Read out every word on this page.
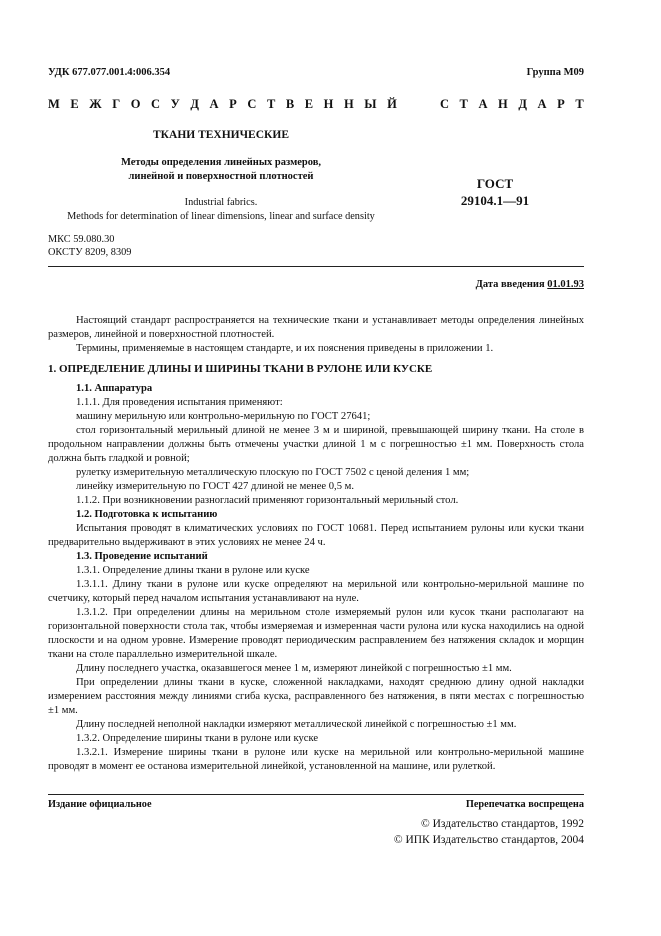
УДК 677.077.001.4:006.354	Группа М09
М Е Ж Г О С У Д А Р С Т В Е Н Н Ы Й	С Т А Н Д А Р Т
ТКАНИ ТЕХНИЧЕСКИЕ
Методы определения линейных размеров,
линейной и поверхностной плотностей
Industrial fabrics.
Methods for determination of linear dimensions, linear and surface density
ГОСТ
29104.1—91
МКС 59.080.30
ОКСТУ 8209, 8309
Дата введения 01.01.93

Настоящий стандарт распространяется на технические ткани и устанавливает методы определения линейных размеров, линейной и поверхностной плотностей.

Термины, применяемые в настоящем стандарте, и их пояснения приведены в приложении 1.

1. ОПРЕДЕЛЕНИЕ ДЛИНЫ И ШИРИНЫ ТКАНИ В РУЛОНЕ ИЛИ КУСКЕ

1.1. Аппаратура

1.1.1. Для проведения испытания применяют:

машину мерильную или контрольно-мерильную по ГОСТ 27641;

стол горизонтальный мерильный длиной не менее 3 м и шириной, превышающей ширину ткани. На столе в продольном направлении должны быть отмечены участки длиной 1 м с погрешностью ±1 мм. Поверхность стола должна быть гладкой и ровной;

рулетку измерительную металлическую плоскую по ГОСТ 7502 с ценой деления 1 мм;

линейку измерительную по ГОСТ 427 длиной не менее 0,5 м.

1.1.2. При возникновении разногласий применяют горизонтальный мерильный стол.

1.2. Подготовка к испытанию

Испытания проводят в климатических условиях по ГОСТ 10681. Перед испытанием рулоны или куски ткани предварительно выдерживают в этих условиях не менее 24 ч.

1.3. Проведение испытаний

1.3.1. Определение длины ткани в рулоне или куске

1.3.1.1. Длину ткани в рулоне или куске определяют на мерильной или контрольно-мерильной машине по счетчику, который перед началом испытания устанавливают на нуле.

1.3.1.2. При определении длины на мерильном столе измеряемый рулон или кусок ткани располагают на горизонтальной поверхности стола так, чтобы измеряемая и измеренная части рулона или куска находились на одной плоскости и на одном уровне. Измерение проводят периодическим расправлением без натяжения складок и морщин ткани на столе параллельно измерительной шкале.

Длину последнего участка, оказавшегося менее 1 м, измеряют линейкой с погрешностью ±1 мм.

При определении длины ткани в куске, сложенной накладками, находят среднюю длину одной накладки измерением расстояния между линиями сгиба куска, расправленного без натяжения, в пяти местах с погрешностью ±1 мм.

Длину последней неполной накладки измеряют металлической линейкой с погрешностью ±1 мм.

1.3.2. Определение ширины ткани в рулоне или куске

1.3.2.1. Измерение ширины ткани в рулоне или куске на мерильной или контрольно-мерильной машине проводят в момент ее останова измерительной линейкой, установленной на машине, или рулеткой.

Издание официальное	Перепечатка воспрещена
© Издательство стандартов, 1992
© ИПК Издательство стандартов, 2004
